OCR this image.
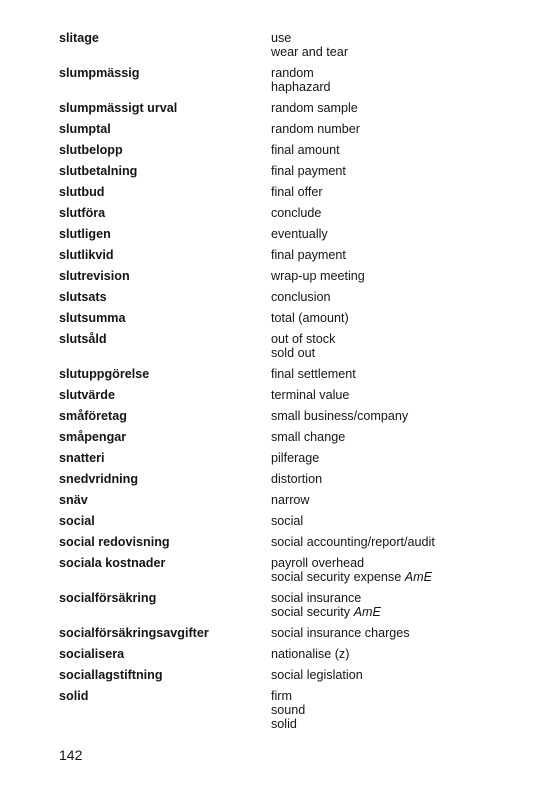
slitage	use
wear and tear
slumpmässig	random
haphazard
slumpmässigt urval	random sample
slumptal	random number
slutbelopp	final amount
slutbetalning	final payment
slutbud	final offer
slutföra	conclude
slutligen	eventually
slutlikvid	final payment
slutrevision	wrap-up meeting
slutsats	conclusion
slutsumma	total (amount)
slutsåld	out of stock
sold out
slutuppgörelse	final settlement
slutvärde	terminal value
småföretag	small business/company
småpengar	small change
snatteri	pilferage
snedvridning	distortion
snäv	narrow
social	social
social redovisning	social accounting/report/audit
sociala kostnader	payroll overhead
social security expense AmE
socialförsäkring	social insurance
social security AmE
socialförsäkringsavgifter	social insurance charges
socialisera	nationalise (z)
sociallagstiftning	social legislation
solid	firm
sound
solid
142
